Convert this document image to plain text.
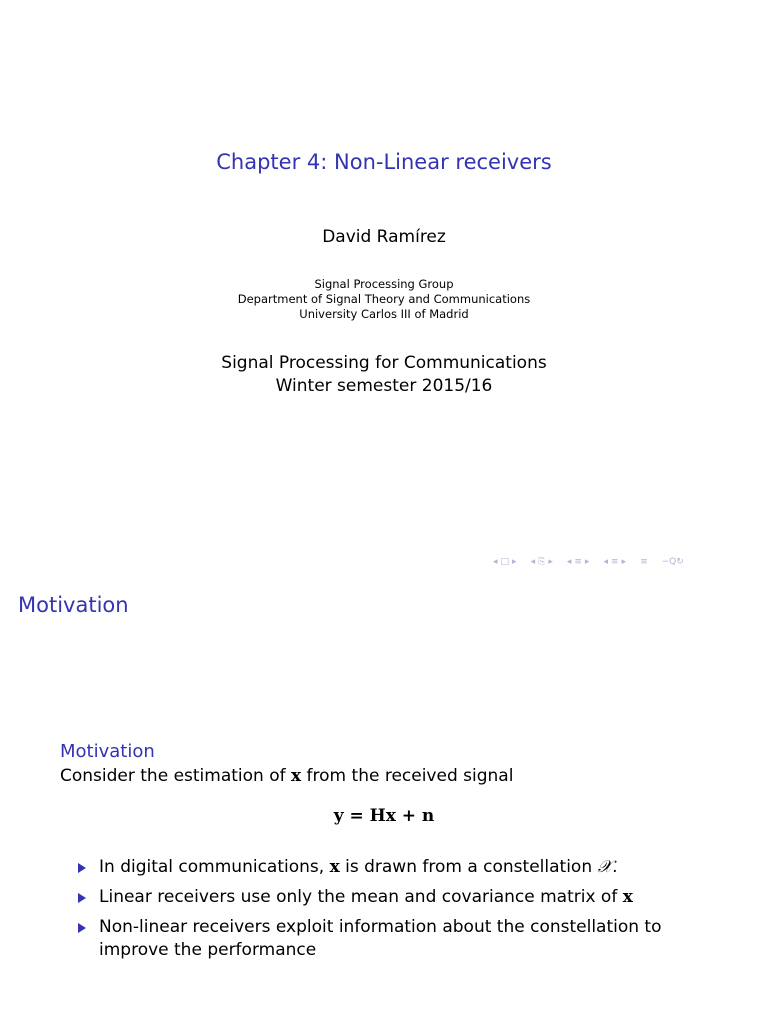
Chapter 4: Non-Linear receivers
David Ramírez
Signal Processing Group
Department of Signal Theory and Communications
University Carlos III of Madrid
Signal Processing for Communications
Winter semester 2015/16
◂ □ ▸ ◂ ⎘ ▸ ◂ ≡ ▸ ◂ ≡ ▸ ≡ ∽Q↻
Motivation
Motivation
Consider the estimation of x from the received signal
y = Hx + n
In digital communications, x is drawn from a constellation 𝒳.
Linear receivers use only the mean and covariance matrix of x
Non-linear receivers exploit information about the constellation to improve the performance
